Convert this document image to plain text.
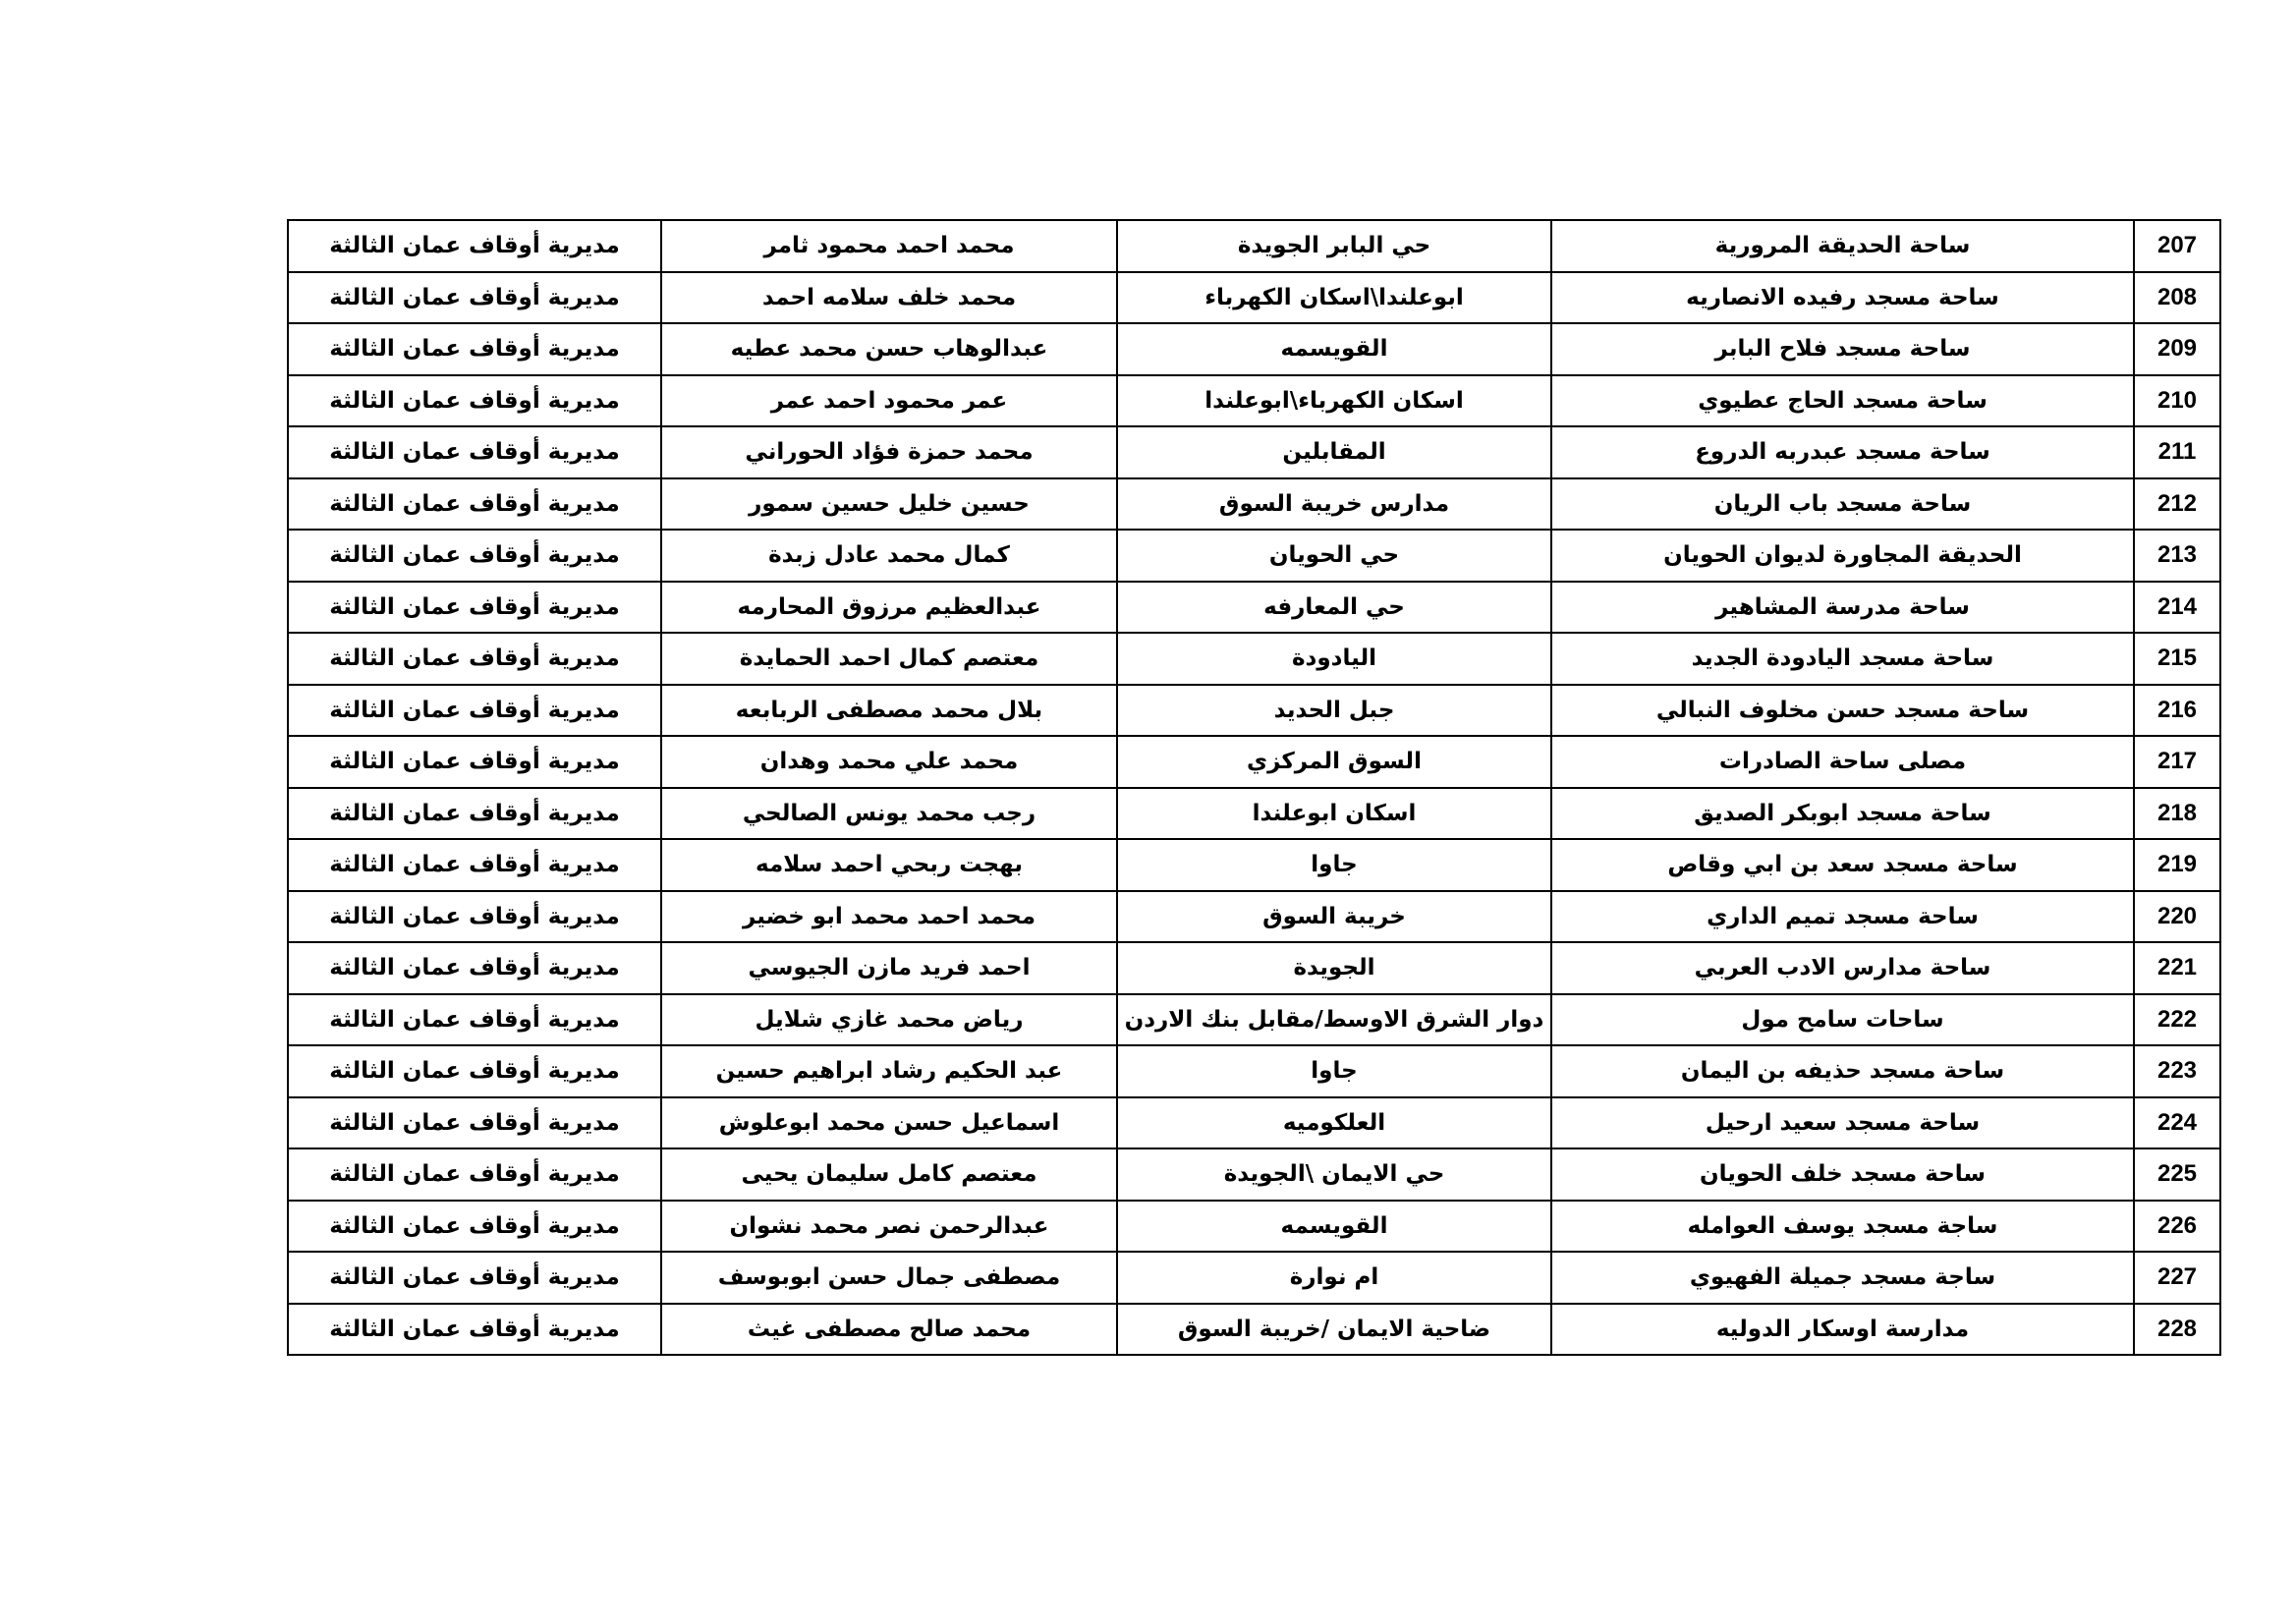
207	ساحة الحديقة المرورية	حي البابر الجويدة	محمد احمد محمود ثامر	مديرية أوقاف عمان الثالثة
208	ساحة مسجد رفيده الانصاريه	ابوعلندا\اسكان الكهرباء	محمد خلف سلامه احمد	مديرية أوقاف عمان الثالثة
209	ساحة مسجد فلاح البابر	القويسمه	عبدالوهاب حسن محمد عطيه	مديرية أوقاف عمان الثالثة
210	ساحة مسجد الحاج عطيوي	اسكان الكهرباء\ابوعلندا	عمر محمود احمد عمر	مديرية أوقاف عمان الثالثة
211	ساحة مسجد عبدربه الدروع	المقابلين	محمد حمزة فؤاد الحوراني	مديرية أوقاف عمان الثالثة
212	ساحة مسجد باب الريان	مدارس خريبة السوق	حسين خليل حسين سمور	مديرية أوقاف عمان الثالثة
213	الحديقة المجاورة لديوان الحويان	حي الحويان	كمال محمد عادل زبدة	مديرية أوقاف عمان الثالثة
214	ساحة مدرسة المشاهير	حي المعارفه	عبدالعظيم مرزوق المحارمه	مديرية أوقاف عمان الثالثة
215	ساحة مسجد اليادودة الجديد	اليادودة	معتصم كمال احمد الحمايدة	مديرية أوقاف عمان الثالثة
216	ساحة مسجد حسن مخلوف النبالي	جبل الحديد	بلال محمد مصطفى الربابعه	مديرية أوقاف عمان الثالثة
217	مصلى ساحة الصادرات	السوق المركزي	محمد علي محمد وهدان	مديرية أوقاف عمان الثالثة
218	ساحة مسجد ابوبكر الصديق	اسكان ابوعلندا	رجب محمد يونس الصالحي	مديرية أوقاف عمان الثالثة
219	ساحة مسجد سعد بن ابي وقاص	جاوا	بهجت ربحي احمد سلامه	مديرية أوقاف عمان الثالثة
220	ساحة مسجد تميم الداري	خريبة السوق	محمد احمد محمد ابو خضير	مديرية أوقاف عمان الثالثة
221	ساحة مدارس الادب العربي	الجويدة	احمد فريد مازن الجيوسي	مديرية أوقاف عمان الثالثة
222	ساحات سامح مول	دوار الشرق الاوسط/مقابل بنك الاردن	رياض محمد غازي شلايل	مديرية أوقاف عمان الثالثة
223	ساحة مسجد حذيفه بن اليمان	جاوا	عبد الحكيم رشاد ابراهيم حسين	مديرية أوقاف عمان الثالثة
224	ساحة مسجد سعيد ارحيل	العلكوميه	اسماعيل حسن محمد ابوعلوش	مديرية أوقاف عمان الثالثة
225	ساحة مسجد خلف الحويان	حي الايمان \الجويدة	معتصم كامل سليمان يحيى	مديرية أوقاف عمان الثالثة
226	ساجة مسجد يوسف العوامله	القويسمه	عبدالرحمن نصر محمد نشوان	مديرية أوقاف عمان الثالثة
227	ساجة مسجد جميلة الفهيوي	ام نوارة	مصطفى جمال حسن ابوبوسف	مديرية أوقاف عمان الثالثة
228	مدارسة اوسكار الدوليه	ضاحية الايمان /خريبة السوق	محمد صالح مصطفى غيث	مديرية أوقاف عمان الثالثة
